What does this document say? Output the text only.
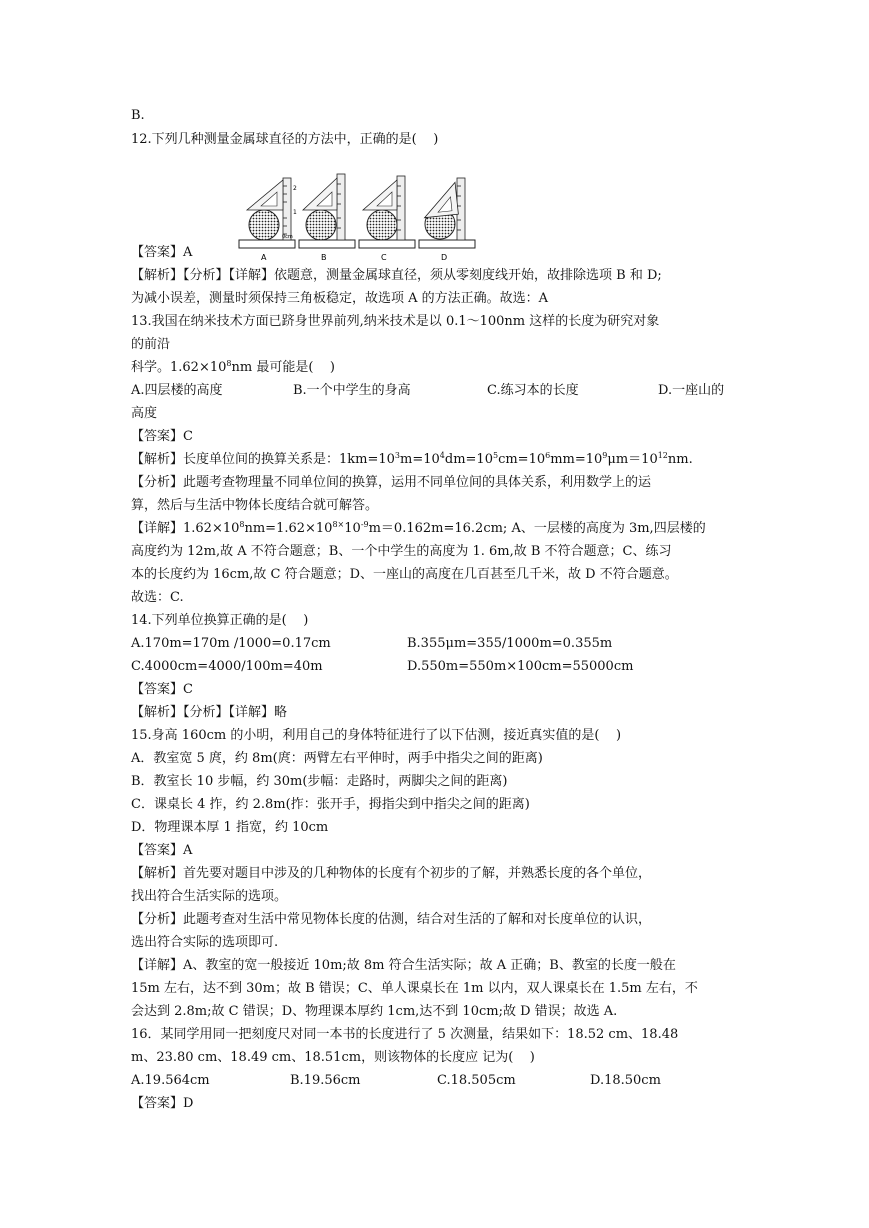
B.
12.下列几种测量金属球直径的方法中，正确的是(    )
2
1
0cm
A	B	C	D
【答案】A
【解析】【分析】【详解】依题意，测量金属球直径，须从零刻度线开始，故排除选项 B 和 D;
为减小误差，测量时须保持三角板稳定，故选项 A 的方法正确。故选：A
13.我国在纳米技术方面已跻身世界前列,纳米技术是以 0.1～100nm 这样的长度为研究对象
的前沿
科学。$1.62\times 10^8nm$ 最可能是(    )
A.四层楼的高度	B.一个中学生的身高	C.练习本的长度	D.一座山的
高度
【答案】C
【解析】长度单位间的换算关系是：$1km=10^3m=10^4dm=10^5cm=10^6mm=10^9\mu m=10^{12}nm$.
【分析】此题考查物理量不同单位间的换算，运用不同单位间的具体关系，利用数学上的运
算，然后与生活中物体长度结合就可解答。
【详解】$1.62\times 10^8nm=1.62\times 10^{8\times}10^{-9}m=0.162m=16.2cm$; A、一层楼的高度为 3m,四层楼的
高度约为 12m,故 A 不符合题意；B、一个中学生的高度为 1. 6m,故 B 不符合题意；C、练习
本的长度约为 16cm,故 C 符合题意；D、一座山的高度在几百甚至几千米，故 D 不符合题意。
故选：C.
14.下列单位换算正确的是(    )
A.170m=170m /1000=0.17cm	B.355μm=355/1000m=0.355m
C.4000cm=4000/100m=40m	D.550m=550m×100cm=55000cm
【答案】C
【解析】【分析】【详解】略
15.身高 160cm 的小明，利用自己的身体特征进行了以下估测，接近真实值的是(    )
A．教室宽 5 庹，约 8m(庹：两臂左右平伸时，两手中指尖之间的距离)
B．教室长 10 步幅，约 30m(步幅：走路时，两脚尖之间的距离)
C．课桌长 4 拃，约 2.8m(拃：张开手，拇指尖到中指尖之间的距离)
D．物理课本厚 1 指宽，约 10cm
【答案】A
【解析】首先要对题目中涉及的几种物体的长度有个初步的了解，并熟悉长度的各个单位，
找出符合生活实际的选项。
【分析】此题考查对生活中常见物体长度的估测，结合对生活的了解和对长度单位的认识，
选出符合实际的选项即可.
【详解】A、教室的宽一般接近 10m;故 8m 符合生活实际；故 A 正确；B、教室的长度一般在
15m 左右，达不到 30m；故 B 错误；C、单人课桌长在 1m 以内，双人课桌长在 1.5m 左右，不
会达到 2.8m;故 C 错误；D、物理课本厚约 1cm,达不到 10cm;故 D 错误；故选 A.
16．某同学用同一把刻度尺对同一本书的长度进行了 5 次测量，结果如下：18.52 cm、18.48
m、23.80 cm、18.49 cm、18.51cm，则该物体的长度应 记为(    )
A.19.564cm	B.19.56cm	C.18.505cm	D.18.50cm
【答案】D
